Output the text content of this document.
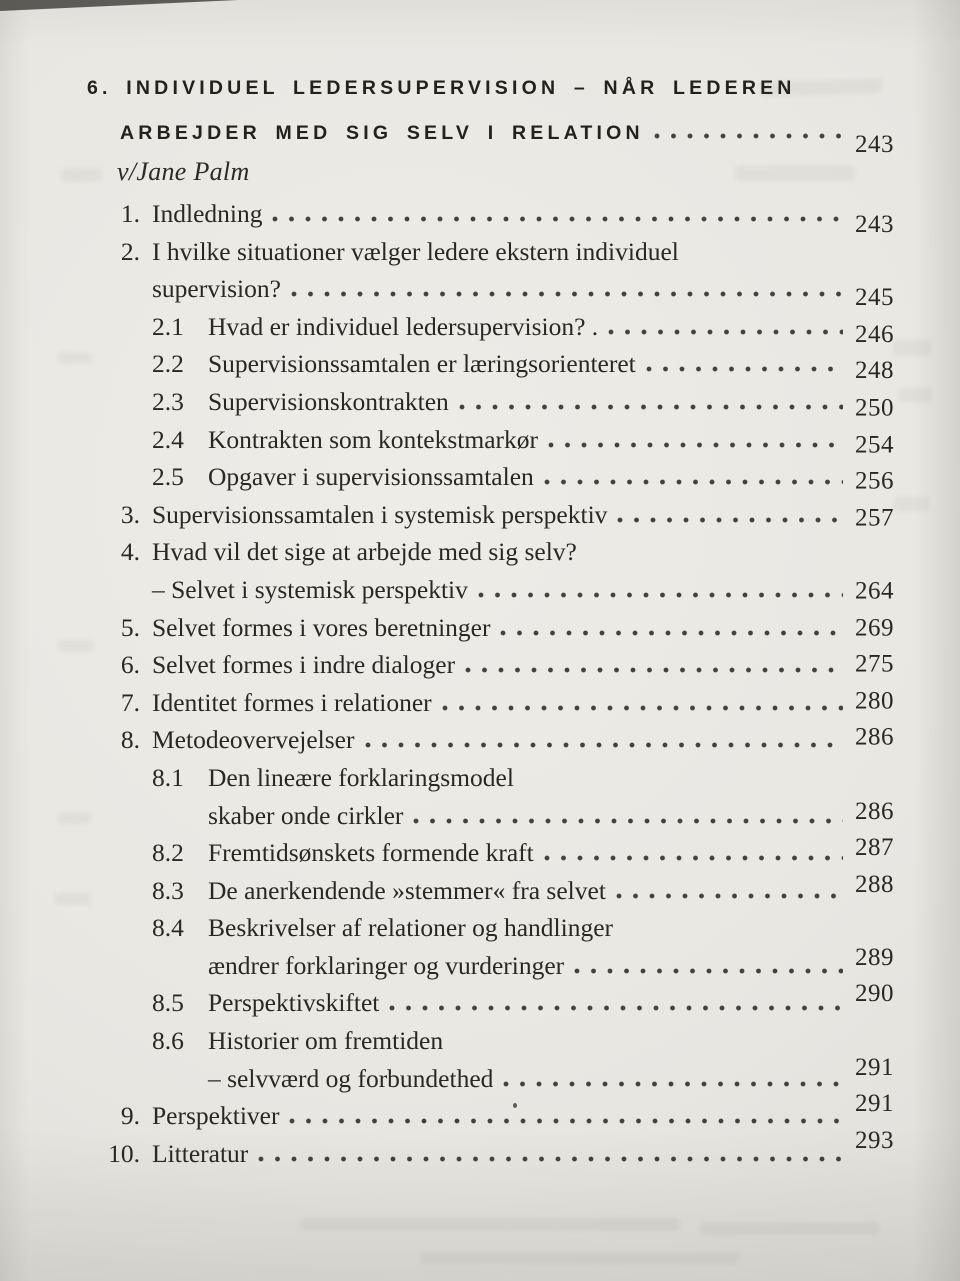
6. INDIVIDUEL LEDERSUPERVISION – NÅR LEDEREN
ARBEJDER MED SIG SELV I RELATION	243
v/Jane Palm
1. Indledning	243
2. I hvilke situationer vælger ledere ekstern individuel
supervision?	245
2.1 Hvad er individuel ledersupervision? .	246
2.2 Supervisionssamtalen er læringsorienteret	248
2.3 Supervisionskontrakten	250
2.4 Kontrakten som kontekstmarkør	254
2.5 Opgaver i supervisionssamtalen	256
3. Supervisionssamtalen i systemisk perspektiv	257
4. Hvad vil det sige at arbejde med sig selv?
– Selvet i systemisk perspektiv	264
5. Selvet formes i vores beretninger	269
6. Selvet formes i indre dialoger	275
7. Identitet formes i relationer	280
8. Metodeovervejelser	286
8.1 Den lineære forklaringsmodel
skaber onde cirkler	286
8.2 Fremtidsønskets formende kraft	287
8.3 De anerkendende »stemmer« fra selvet	288
8.4 Beskrivelser af relationer og handlinger
ændrer forklaringer og vurderinger	289
8.5 Perspektivskiftet	290
8.6 Historier om fremtiden
– selvværd og forbundethed	291
9. Perspektiver	291
10. Litteratur	293
